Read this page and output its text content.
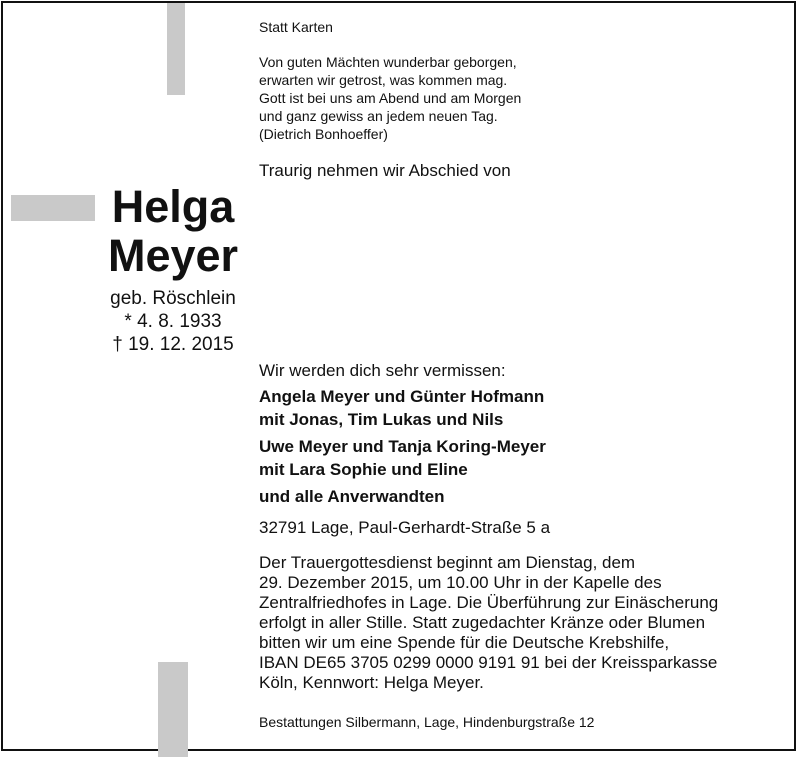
Statt Karten
Von guten Mächten wunderbar geborgen,
erwarten wir getrost, was kommen mag.
Gott ist bei uns am Abend und am Morgen
und ganz gewiss an jedem neuen Tag.
(Dietrich Bonhoeffer)
Traurig nehmen wir Abschied von
Helga
Meyer
geb. Röschlein
* 4. 8. 1933
† 19. 12. 2015
Wir werden dich sehr vermissen:
Angela Meyer und Günter Hofmann
mit Jonas, Tim Lukas und Nils
Uwe Meyer und Tanja Koring-Meyer
mit Lara Sophie und Eline
und alle Anverwandten
32791 Lage, Paul-Gerhardt-Straße 5 a
Der Trauergottesdienst beginnt am Dienstag, dem
29. Dezember 2015, um 10.00 Uhr in der Kapelle des
Zentralfriedhofes in Lage. Die Überführung zur Einäscherung
erfolgt in aller Stille. Statt zugedachter Kränze oder Blumen
bitten wir um eine Spende für die Deutsche Krebshilfe,
IBAN DE65 3705 0299 0000 9191 91 bei der Kreissparkasse
Köln, Kennwort: Helga Meyer.
Bestattungen Silbermann, Lage, Hindenburgstraße 12
